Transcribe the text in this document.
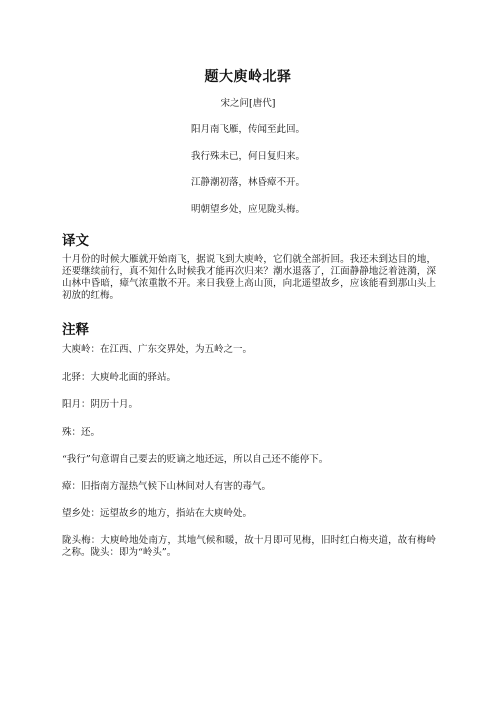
题大庾岭北驿
宋之问[唐代]
阳月南飞雁，传闻至此回。
我行殊未已，何日复归来。
江静潮初落，林昏瘴不开。
明朝望乡处，应见陇头梅。
译文
十月份的时候大雁就开始南飞，据说飞到大庾岭，它们就全部折回。我还未到达目的地，还要继续前行，真不知什么时候我才能再次归来？潮水退落了，江面静静地泛着涟漪，深山林中昏暗，瘴气浓重散不开。来日我登上高山顶，向北遥望故乡，应该能看到那山头上初放的红梅。
注释
大庾岭：在江西、广东交界处，为五岭之一。
北驿：大庾岭北面的驿站。
阳月：阴历十月。
殊：还。
“我行”句意谓自己要去的贬谪之地还远，所以自己还不能停下。
瘴：旧指南方湿热气候下山林间对人有害的毒气。
望乡处：远望故乡的地方，指站在大庾岭处。
陇头梅：大庾岭地处南方，其地气候和暖，故十月即可见梅，旧时红白梅夹道，故有梅岭之称。陇头：即为“岭头”。
